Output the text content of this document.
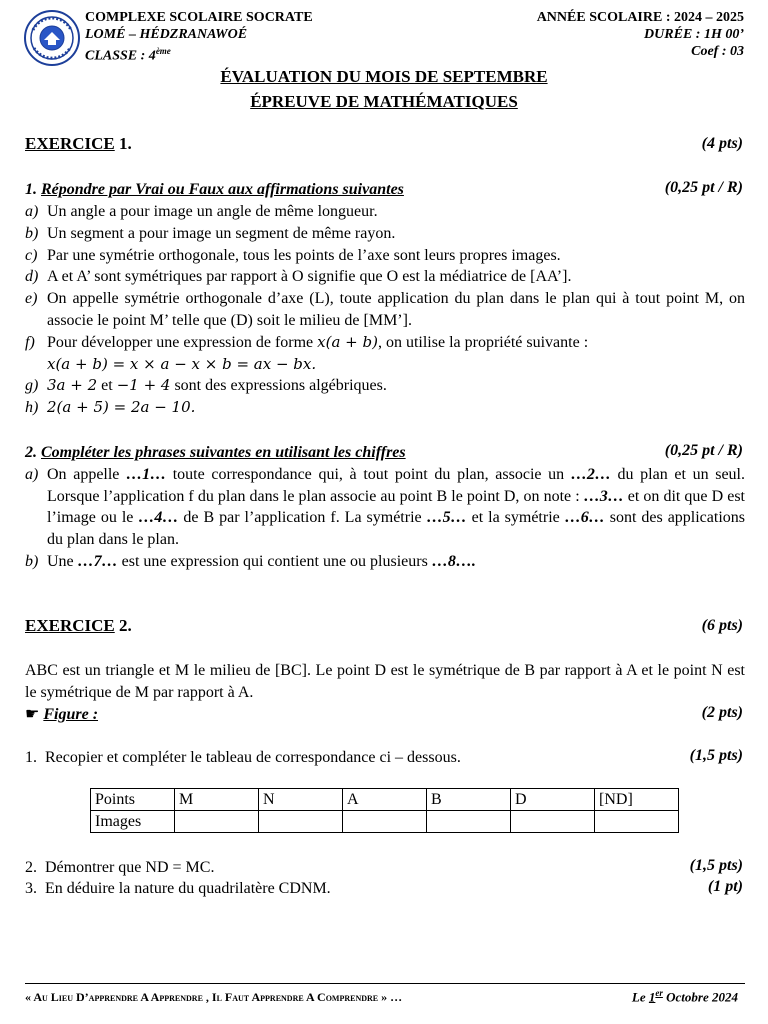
COMPLEXE SCOLAIRE SOCRATE
LOMÉ – HÉDZRANAWOÉ
CLASSE : 4ème
ANNÉE SCOLAIRE : 2024 – 2025
DURÉE : 1H 00’
Coef : 03
ÉVALUATION DU MOIS DE SEPTEMBRE
ÉPREUVE DE MATHÉMATIQUES
EXERCICE 1.	(4 pts)
1. Répondre par Vrai ou Faux aux affirmations suivantes	(0,25 pt / R)
a) Un angle a pour image un angle de même longueur.
b) Un segment a pour image un segment de même rayon.
c) Par une symétrie orthogonale, tous les points de l’axe sont leurs propres images.
d) A et A’ sont symétriques par rapport à O signifie que O est la médiatrice de [AA’].
e) On appelle symétrie orthogonale d’axe (L), toute application du plan dans le plan qui à tout point M, on associe le point M’ telle que (D) soit le milieu de [MM’].
f) Pour développer une expression de forme x(a + b), on utilise la propriété suivante :
x(a + b) = x × a − x × b = ax − bx.
g) 3a + 2 et −1 + 4 sont des expressions algébriques.
h) 2(a + 5) = 2a − 10.
2. Compléter les phrases suivantes en utilisant les chiffres	(0,25 pt / R)
a) On appelle …1… toute correspondance qui, à tout point du plan, associe un …2… du plan et un seul. Lorsque l’application f du plan dans le plan associe au point B le point D, on note : …3… et on dit que D est l’image ou le …4… de B par l’application f. La symétrie …5… et la symétrie …6… sont des applications du plan dans le plan.
b) Une …7… est une expression qui contient une ou plusieurs …8….
EXERCICE 2.	(6 pts)
ABC est un triangle et M le milieu de [BC]. Le point D est le symétrique de B par rapport à A et le point N est le symétrique de M par rapport à A.
☛ Figure :	(2 pts)
1. Recopier et compléter le tableau de correspondance ci – dessous.	(1,5 pts)
Points	M	N	A	B	D	[ND]
Images						
2. Démontrer que ND = MC.	(1,5 pts)
3. En déduire la nature du quadrilatère CDNM.	(1 pt)
« Au Lieu D’apprendre A Apprendre , Il Faut Apprendre A Comprendre » …	Le 1er Octobre 2024
